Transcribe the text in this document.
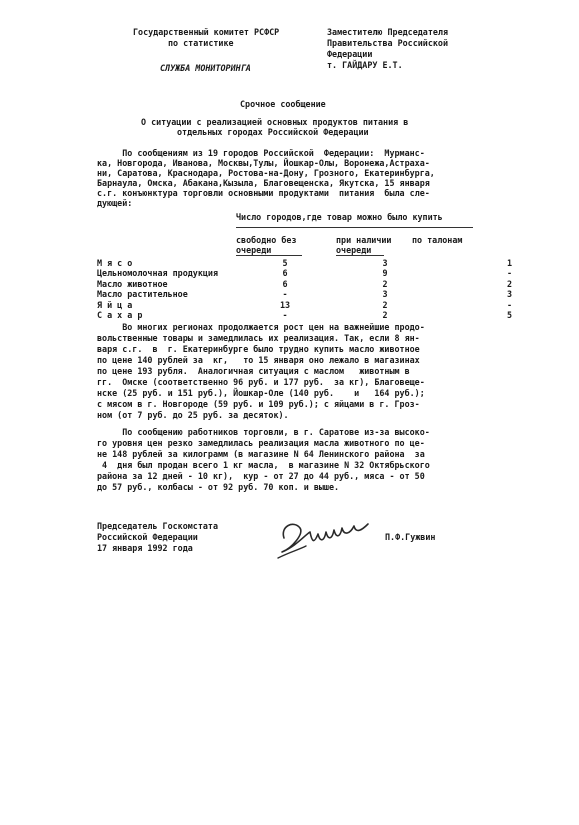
Государственный комитет РСФСР
по статистике
СЛУЖБА МОНИТОРИНГА
Заместителю Председателя
Правительства Российской
Федерации
т. ГАЙДАРУ Е.Т.
Срочное сообщение
О ситуации с реализацией основных продуктов питания в
отдельных городах Российской Федерации
По сообщениям из 19 городов Российской  Федерации:  Мурманс-
ка, Новгорода, Иванова, Москвы,Тулы, Йошкар-Олы, Воронежа,Астраха-
ни, Саратова, Краснодара, Ростова-на-Дону, Грозного, Екатеринбурга,
Барнаула, Омска, Абакана,Кызыла, Благовещенска, Якутска, 15 января
с.г. конъюнктура торговли основными продуктами  питания  была сле-
дующей:
Число городов,где товар можно было купить
свободно без
очереди
при наличии
очереди
по талонам
М я с о	5	3	1
Цельномолочная продукция	6	9	-
Масло животное	6	2	2
Масло растительное	-	3	3
Я й ц а	13	2	-
С а х а р	-	2	5
Во многих регионах продолжается рост цен на важнейшие продо-
вольственные товары и замедлилась их реализация. Так, если 8 ян-
варя с.г.  в  г. Екатеринбурге было трудно купить масло животное
по цене 140 рублей за  кг,   то 15 января оно лежало в магазинах
по цене 193 рубля.  Аналогичная ситуация с маслом   животным в
гг.  Омске (соответственно 96 руб. и 177 руб.  за кг), Благовеще-
нске (25 руб. и 151 руб.), Йошкар-Оле (140 руб.    и   164 руб.);
с мясом в г. Новгороде (59 руб. и 109 руб.); с яйцами в г. Гроз-
ном (от 7 руб. до 25 руб. за десяток).
По сообщению работников торговли, в г. Саратове из-за высоко-
го уровня цен резко замедлилась реализация масла животного по це-
не 148 рублей за килограмм (в магазине N 64 Ленинского района  за
4  дня был продан всего 1 кг масла,  в магазине N 32 Октябрьского
района за 12 дней - 10 кг),  кур - от 27 до 44 руб., мяса - от 50
до 57 руб., колбасы - от 92 руб. 70 коп. и выше.
Председатель Госкомстата
Российской Федерации
17 января 1992 года
П.Ф.Гужвин
